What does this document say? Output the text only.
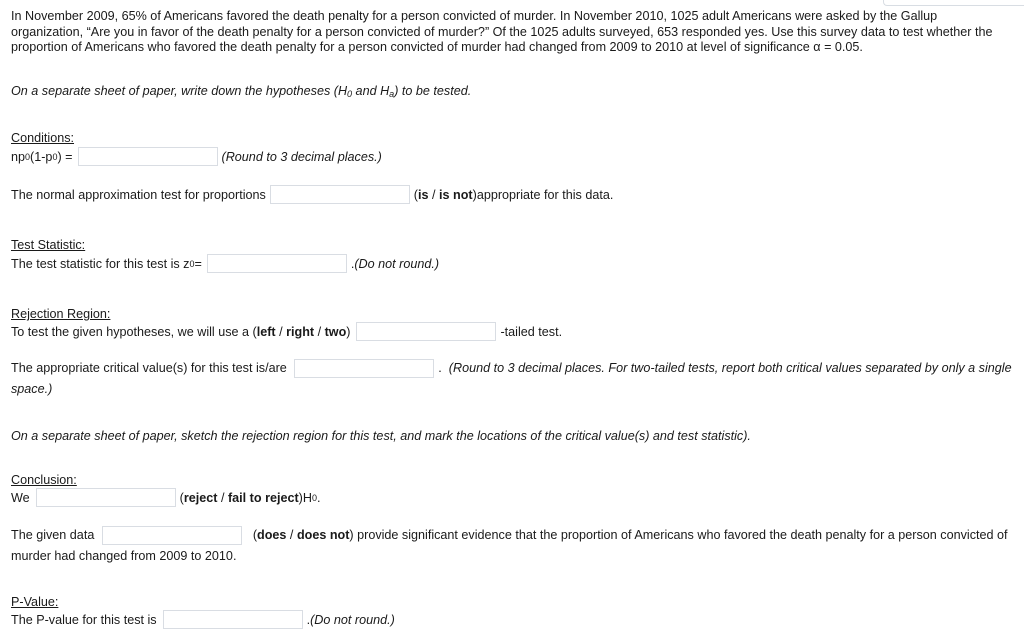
In November 2009, 65% of Americans favored the death penalty for a person convicted of murder. In November 2010, 1025 adult Americans were asked by the Gallup organization, “Are you in favor of the death penalty for a person convicted of murder?” Of the 1025 adults surveyed, 653 responded yes. Use this survey data to test whether the proportion of Americans who favored the death penalty for a person convicted of murder had changed from 2009 to 2010 at level of significance α = 0.05.
On a separate sheet of paper, write down the hypotheses ($H_0$ and $H_a$) to be tested.
Conditions:
np 0 (1-p 0 ) =	(Round to 3 decimal places.)
The normal approximation test for proportions	(is / is not) appropriate for this data.
Test Statistic:
The test statistic for this test is z 0 =	. (Do not round.)
Rejection Region:
To test the given hypotheses, we will use a (left / right / two)	-tailed test.
The appropriate critical value(s) for this test is/are	.  (Round to 3 decimal places. For two-tailed tests, report both critical values separated by only a single space.)
On a separate sheet of paper, sketch the rejection region for this test, and mark the locations of the critical value(s) and test statistic).
Conclusion:
We	(reject / fail to reject) H 0 .
The given data	(does / does not) provide significant evidence that the proportion of Americans who favored the death penalty for a person convicted of murder had changed from 2009 to 2010.
P-Value:
The P-value for this test is	. (Do not round.)
